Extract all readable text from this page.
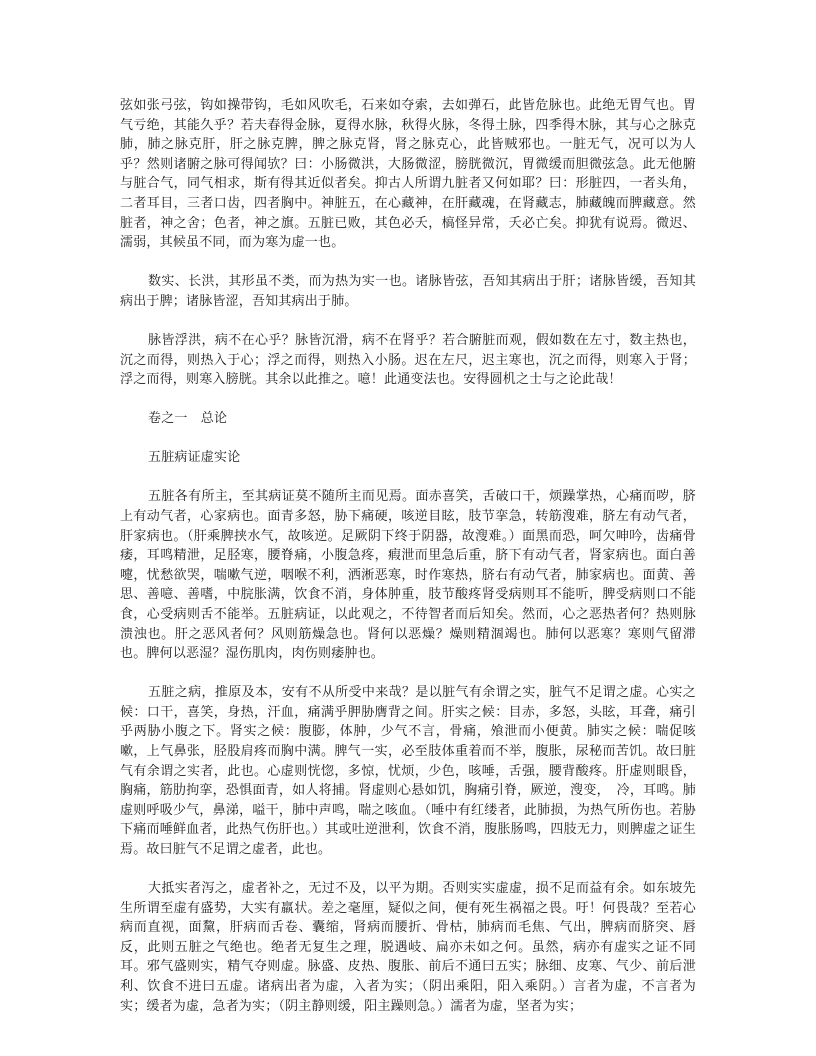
弦如张弓弦，钩如操带钩，毛如风吹毛，石来如夺索，去如弹石，此皆危脉也。此绝无胃气也。胃气亏绝，其能久乎？若夫春得金脉，夏得水脉，秋得火脉，冬得土脉，四季得木脉，其与心之脉克肺，肺之脉克肝，肝之脉克脾，脾之脉克肾，肾之脉克心，此皆贼邪也。一脏无气，况可以为人乎？然则诸腑之脉可得闻欤？曰：小肠微洪，大肠微涩，膀胱微沉，胃微缓而胆微弦急。此无他腑与脏合气，同气相求，斯有得其近似者矣。抑古人所谓九脏者又何如耶？曰：形脏四，一者头角，二者耳目，三者口齿，四者胸中。神脏五，在心藏神，在肝藏魂，在肾藏志，肺藏魄而脾藏意。然脏者，神之舍；色者，神之旗。五脏已败，其色必夭，槁怪异常，夭必亡矣。抑犹有说焉。微迟、濡弱，其候虽不同，而为寒为虚一也。

数实、长洪，其形虽不类，而为热为实一也。诸脉皆弦，吾知其病出于肝；诸脉皆缓，吾知其病出于脾；诸脉皆涩，吾知其病出于肺。

脉皆浮洪，病不在心乎？脉皆沉滑，病不在肾乎？若合腑脏而观，假如数在左寸，数主热也，沉之而得，则热入于心；浮之而得，则热入小肠。迟在左尺，迟主寒也，沉之而得，则寒入于肾；浮之而得，则寒入膀胱。其余以此推之。噫！此通变法也。安得圆机之士与之论此哉！

卷之一　总论

五脏病证虚实论

五脏各有所主，至其病证莫不随所主而见焉。面赤喜笑，舌破口干，烦躁掌热，心痛而哕，脐上有动气者，心家病也。面青多怒，胁下痛硬，咳逆目眩，肢节挛急，转筋溲难，脐左有动气者，肝家病也。（肝乘脾挟水气，故咳逆。足厥阴下终于阴器，故溲难。）面黑而恐，呵欠呻吟，齿痛骨痿，耳鸣精泄，足胫寒，腰脊痛，小腹急疼，瘕泄而里急后重，脐下有动气者，肾家病也。面白善嚏，忧愁欲哭，喘嗽气逆，咽喉不利，洒淅恶寒，时作寒热，脐右有动气者，肺家病也。面黄、善思、善噫、善嗜，中脘胀满，饮食不消，身体肿重，肢节酸疼肾受病则耳不能听，脾受病则口不能食，心受病则舌不能举。五脏病证，以此观之，不待智者而后知矣。然而，心之恶热者何？热则脉溃浊也。肝之恶风者何？风则筋燥急也。肾何以恶燥？燥则精涸竭也。肺何以恶寒？寒则气留滞也。脾何以恶湿？湿伤肌肉，肉伤则痿肿也。

五脏之病，推原及本，安有不从所受中来哉？是以脏气有余谓之实，脏气不足谓之虚。心实之候：口干，喜笑，身热，汗血，痛满乎胛胁膺背之间。肝实之候：目赤，多怒，头眩，耳聋，痛引乎两胁小腹之下。肾实之候：腹膨，体肿，少气不言，骨痛，飧泄而小便黄。肺实之候：喘促咳嗽，上气鼻张，胫股肩疼而胸中满。脾气一实，必至肢体重着而不举，腹胀，尿秘而苦饥。故曰脏气有余谓之实者，此也。心虚则恍惚，多惊，忧烦，少色，咳唾，舌强，腰背酸疼。肝虚则眼昏，胸痛，筋肋拘挛，恐惧面青，如人将捕。肾虚则心悬如饥，胸痛引脊，厥逆，溲变，　冷，耳鸣。肺虚则呼吸少气，鼻涕，嗌干，肺中声鸣，喘之咳血。（唾中有红缕者，此肺损，为热气所伤也。若胁下痛而唾鲜血者，此热气伤肝也。）其或吐逆泄利，饮食不消，腹胀肠鸣，四肢无力，则脾虚之证生焉。故曰脏气不足谓之虚者，此也。

大抵实者泻之，虚者补之，无过不及，以平为期。否则实实虚虚，损不足而益有余。如东坡先生所谓至虚有盛势，大实有羸状。差之毫厘，疑似之间，便有死生祸福之畏。吁！何畏哉？至若心病而直视，面黧，肝病而舌卷、囊缩，肾病而腰折、骨枯，肺病而毛焦、气出，脾病而脐突、唇反，此则五脏之气绝也。绝者无复生之理，脱遇岐、扁亦未如之何。虽然，病亦有虚实之证不同耳。邪气盛则实，精气夺则虚。脉盛、皮热、腹胀、前后不通曰五实；脉细、皮寒、气少、前后泄利、饮食不进曰五虚。诸病出者为虚，入者为实；（阴出乘阳，阳入乘阴。）言者为虚，不言者为实；缓者为虚，急者为实；（阴主静则缓，阳主躁则急。）濡者为虚，坚者为实；
